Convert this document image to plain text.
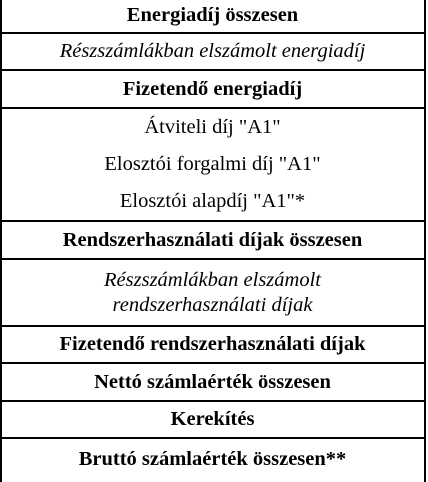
Energiadíj összesen
Részszámlákban elszámolt energiadíj
Fizetendő energiadíj
Átviteli díj "A1"
Elosztói forgalmi díj "A1"
Elosztói alapdíj "A1"*
Rendszerhasználati díjak összesen
Részszámlákban elszámolt rendszerhasználati díjak
Fizetendő rendszerhasználati díjak
Nettó számlaérték összesen
Kerekítés
Bruttó számlaérték összesen**
